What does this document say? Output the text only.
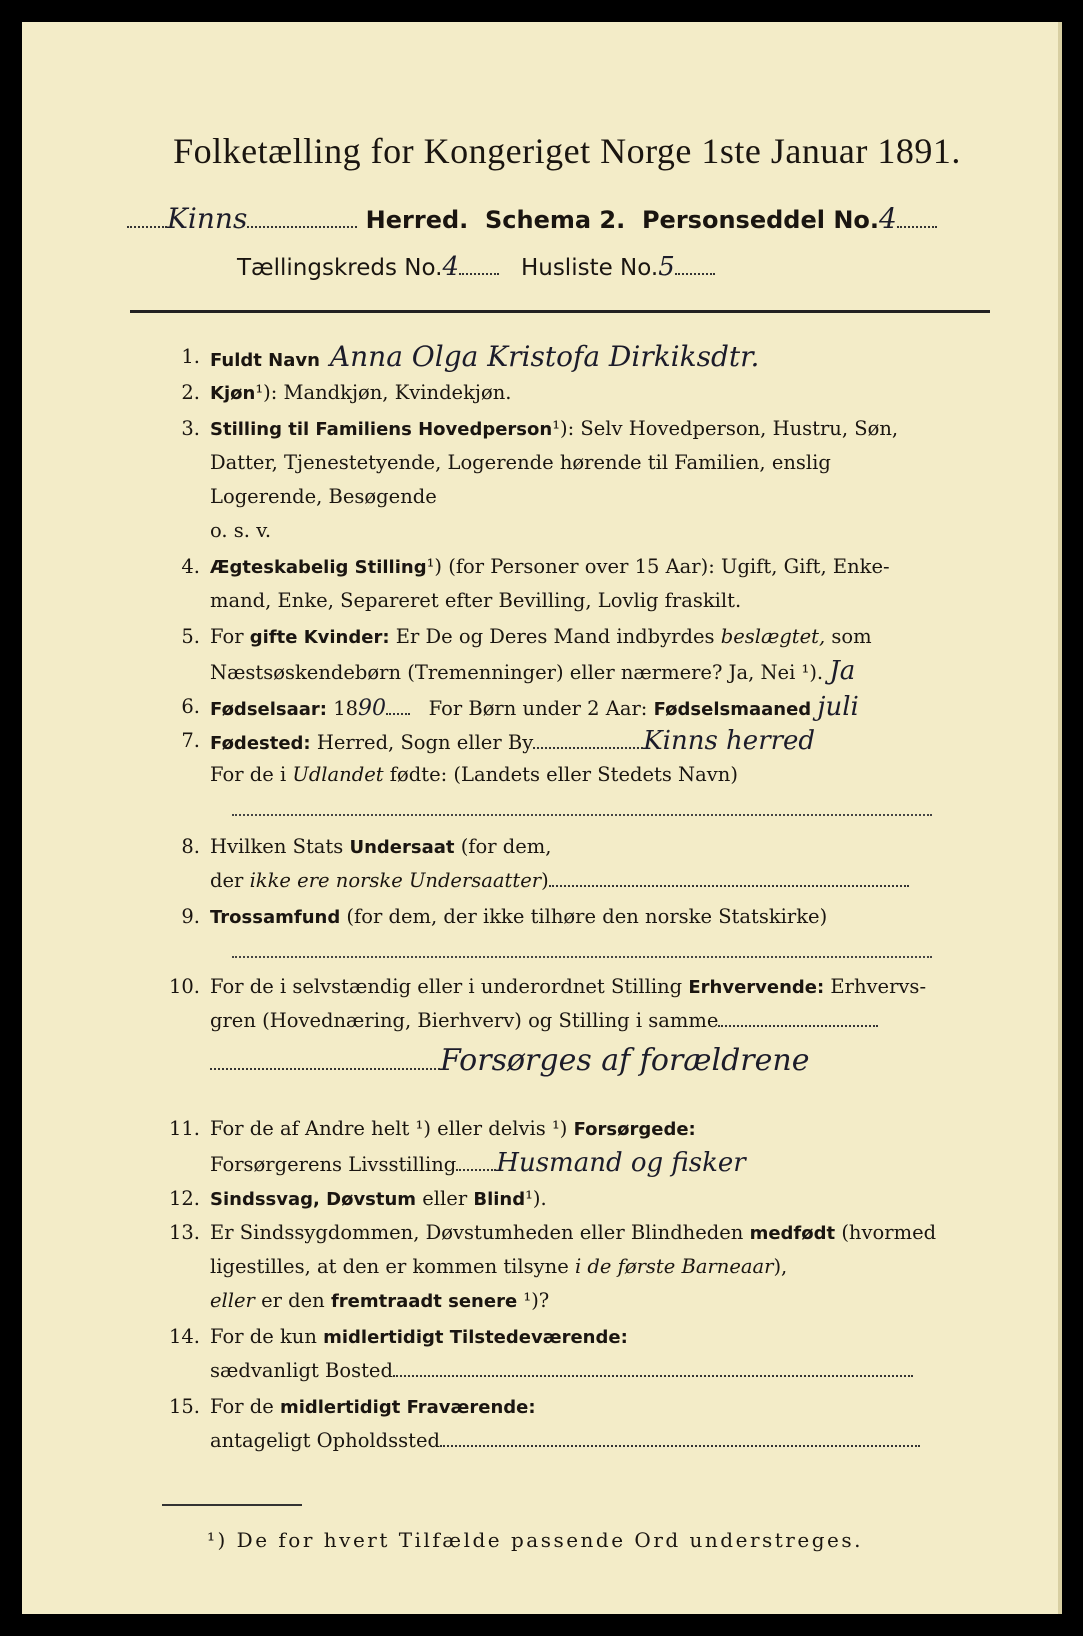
Folketælling for Kongeriget Norge 1ste Januar 1891.
Kinns	Herred. Schema 2. Personseddel No.4
Tællingskreds No.4	Husliste No.5
1. Fuldt Navn Anna Olga Kristofa Dirkiksdtr.
2. Kjøn¹): Mandkjøn, Kvindekjøn.
3. Stilling til Familiens Hovedperson¹): Selv Hovedperson, Hustru, Søn,
Datter, Tjenestetyende, Logerende hørende til Familien, enslig
Logerende, Besøgende
o. s. v.
4. Ægteskabelig Stilling¹) (for Personer over 15 Aar): Ugift, Gift, Enke-
mand, Enke, Separeret efter Bevilling, Lovlig fraskilt.
5. For gifte Kvinder: Er De og Deres Mand indbyrdes beslægtet, som
Næstsøskendebørn (Tremenninger) eller nærmere? Ja, Nei ¹). Ja
6. Fødselsaar: 1890 For Børn under 2 Aar: Fødselsmaaned juli
7. Fødested: Herred, Sogn eller By	Kinns herred
For de i Udlandet fødte: (Landets eller Stedets Navn)
8. Hvilken Stats Undersaat (for dem,
der ikke ere norske Undersaatter)
9. Trossamfund (for dem, der ikke tilhøre den norske Statskirke)
10. For de i selvstændig eller i underordnet Stilling Erhvervende: Erhvervs-
gren (Hovednæring, Bierhverv) og Stilling i samme
Forsørges af forældrene
11. For de af Andre helt ¹) eller delvis ¹) Forsørgede:
Forsørgerens Livsstilling Husmand og fisker
12. Sindssvag, Døvstum eller Blind¹).
13. Er Sindssygdommen, Døvstumheden eller Blindheden medfødt (hvormed
ligestilles, at den er kommen tilsyne i de første Barneaar),
eller er den fremtraadt senere ¹)?
14. For de kun midlertidigt Tilstedeværende:
sædvanligt Bosted
15. For de midlertidigt Fraværende:
antageligt Opholdssted
¹) De for hvert Tilfælde passende Ord understreges.
